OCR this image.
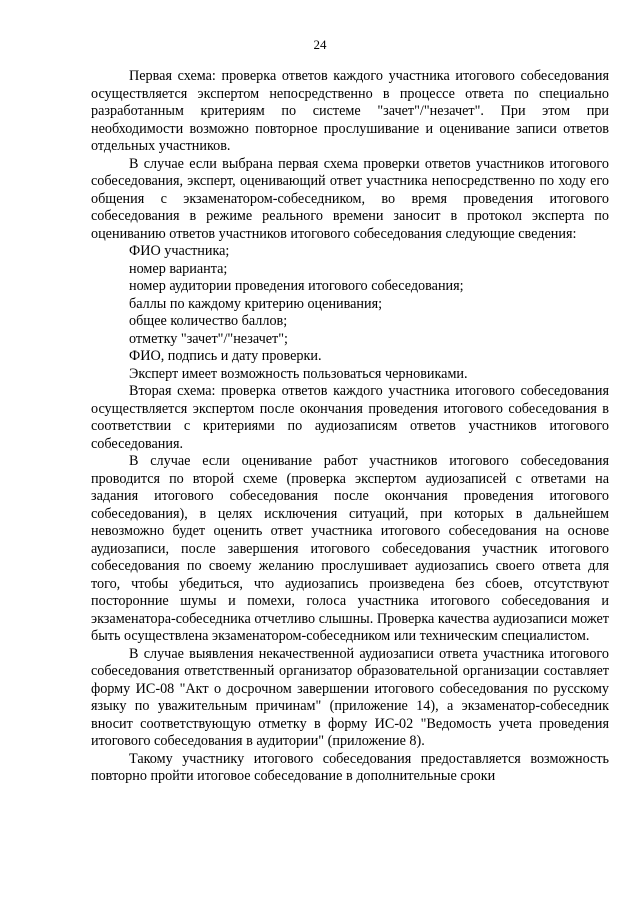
24

Первая схема: проверка ответов каждого участника итогового собеседования осуществляется экспертом непосредственно в процессе ответа по специально разработанным критериям по системе "зачет"/"незачет". При этом при необходимости возможно повторное прослушивание и оценивание записи ответов отдельных участников.

В случае если выбрана первая схема проверки ответов участников итогового собеседования, эксперт, оценивающий ответ участника непосредственно по ходу его общения с экзаменатором-собеседником, во время проведения итогового собеседования в режиме реального времени заносит в протокол эксперта по оцениванию ответов участников итогового собеседования следующие сведения:

ФИО участника;

номер варианта;

номер аудитории проведения итогового собеседования;

баллы по каждому критерию оценивания;

общее количество баллов;

отметку "зачет"/"незачет";

ФИО, подпись и дату проверки.

Эксперт имеет возможность пользоваться черновиками.

Вторая схема: проверка ответов каждого участника итогового собеседования осуществляется экспертом после окончания проведения итогового собеседования в соответствии с критериями по аудиозаписям ответов участников итогового собеседования.

В случае если оценивание работ участников итогового собеседования проводится по второй схеме (проверка экспертом аудиозаписей с ответами на задания итогового собеседования после окончания проведения итогового собеседования), в целях исключения ситуаций, при которых в дальнейшем невозможно будет оценить ответ участника итогового собеседования на основе аудиозаписи, после завершения итогового собеседования участник итогового собеседования по своему желанию прослушивает аудиозапись своего ответа для того, чтобы убедиться, что аудиозапись произведена без сбоев, отсутствуют посторонние шумы и помехи, голоса участника итогового собеседования и экзаменатора-собеседника отчетливо слышны. Проверка качества аудиозаписи может быть осуществлена экзаменатором-собеседником или техническим специалистом.

В случае выявления некачественной аудиозаписи ответа участника итогового собеседования ответственный организатор образовательной организации составляет форму ИС-08 "Акт о досрочном завершении итогового собеседования по русскому языку по уважительным причинам" (приложение 14), а экзаменатор-собеседник вносит соответствующую отметку в форму ИС-02 "Ведомость учета проведения итогового собеседования в аудитории" (приложение 8).

Такому участнику итогового собеседования предоставляется возможность повторно пройти итоговое собеседование в дополнительные сроки
